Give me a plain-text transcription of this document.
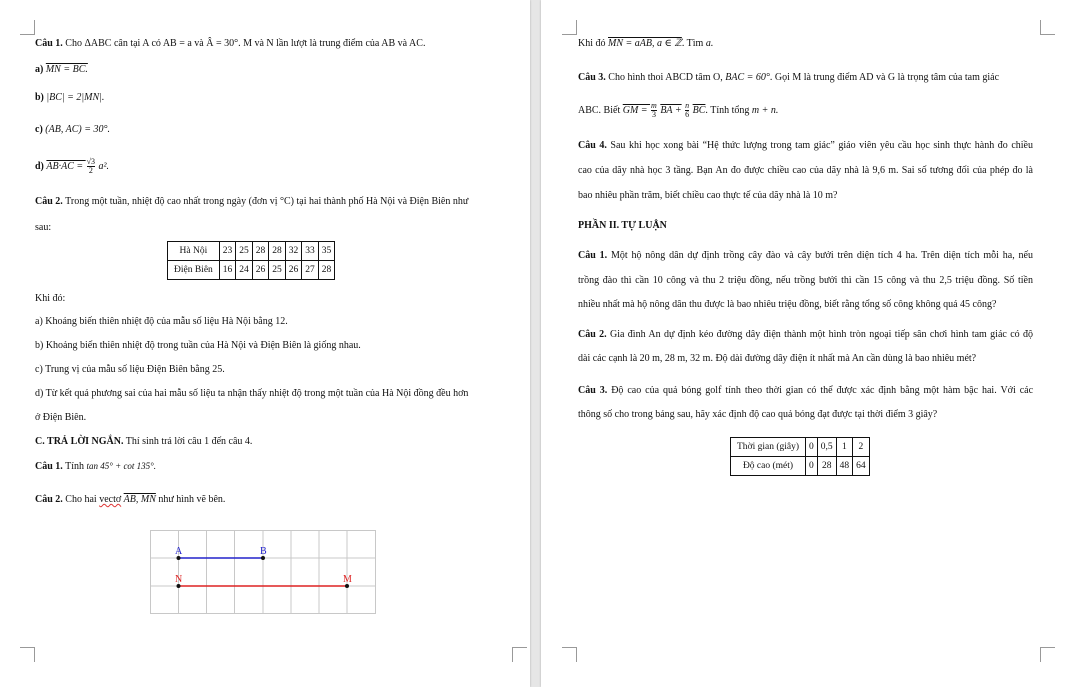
Câu 1. Cho ΔABC cân tại A có AB = a và Â = 30°. M và N lần lượt là trung điểm của AB và AC.
a) MN = BC.
b) |BC| = 2|MN|.
c) (AB, AC) = 30°.
d) $AB\cdot AC = \frac{√3}{2} a^2$.
Câu 2. Trong một tuần, nhiệt độ cao nhất trong ngày (đơn vị °C) tại hai thành phố Hà Nội và Điện Biên như
sau:
Hà Nội	23	25	28	28	32	33	35
Điện Biên	16	24	26	25	26	27	28
Khi đó:
a) Khoảng biến thiên nhiệt độ của mẫu số liệu Hà Nội bằng 12.
b) Khoảng biến thiên nhiệt độ trong tuần của Hà Nội và Điện Biên là giống nhau.
c) Trung vị của mẫu số liệu Điện Biên bằng 25.
d) Từ kết quả phương sai của hai mẫu số liệu ta nhận thấy nhiệt độ trong một tuần của Hà Nội đồng đều hơn
ở Điện Biên.
C. TRẢ LỜI NGẮN. Thí sinh trả lời câu 1 đến câu 4.
Câu 1. Tính tan 45° + cot 135°.
Câu 2. Cho hai vectơ AB, MN như hình vẽ bên.
A	B
N	M
Khi đó MN = aAB, a ∈ ℤ. Tìm a.
Câu 3. Cho hình thoi ABCD tâm O, BAC = 60°. Gọi M là trung điểm AD và G là trọng tâm của tam giác
ABC. Biết GM = $\frac{m}{3}$ BA + $\frac{n}{6} \overline{BC}$. Tính tổng m + n.
Câu 4. Sau khi học xong bài “Hệ thức lượng trong tam giác” giáo viên yêu cầu học sinh thực hành đo chiều
cao của dãy nhà học 3 tầng. Bạn An đo được chiều cao của dãy nhà là 9,6 m. Sai số tương đối của phép đo là
bao nhiêu phần trăm, biết chiều cao thực tế của dãy nhà là 10 m?
PHẦN II. TỰ LUẬN
Câu 1. Một hộ nông dân dự định trồng cây đào và cây bưởi trên diện tích 4 ha. Trên diện tích mỗi ha, nếu
trồng đào thì cần 10 công và thu 2 triệu đồng, nếu trồng bưởi thì cần 15 công và thu 2,5 triệu đồng. Số tiền
nhiều nhất mà hộ nông dân thu được là bao nhiêu triệu đồng, biết rằng tổng số công không quá 45 công?
Câu 2. Gia đình An dự định kéo đường dây điện thành một hình tròn ngoại tiếp sân chơi hình tam giác có độ
dài các cạnh là 20 m, 28 m, 32 m. Độ dài đường dây điện ít nhất mà An cần dùng là bao nhiêu mét?
Câu 3. Độ cao của quả bóng golf tính theo thời gian có thể được xác định bằng một hàm bậc hai. Với các
thông số cho trong bảng sau, hãy xác định độ cao quả bóng đạt được tại thời điểm 3 giây?
Thời gian (giây)	0	0,5	1	2
Độ cao (mét)	0	28	48	64
